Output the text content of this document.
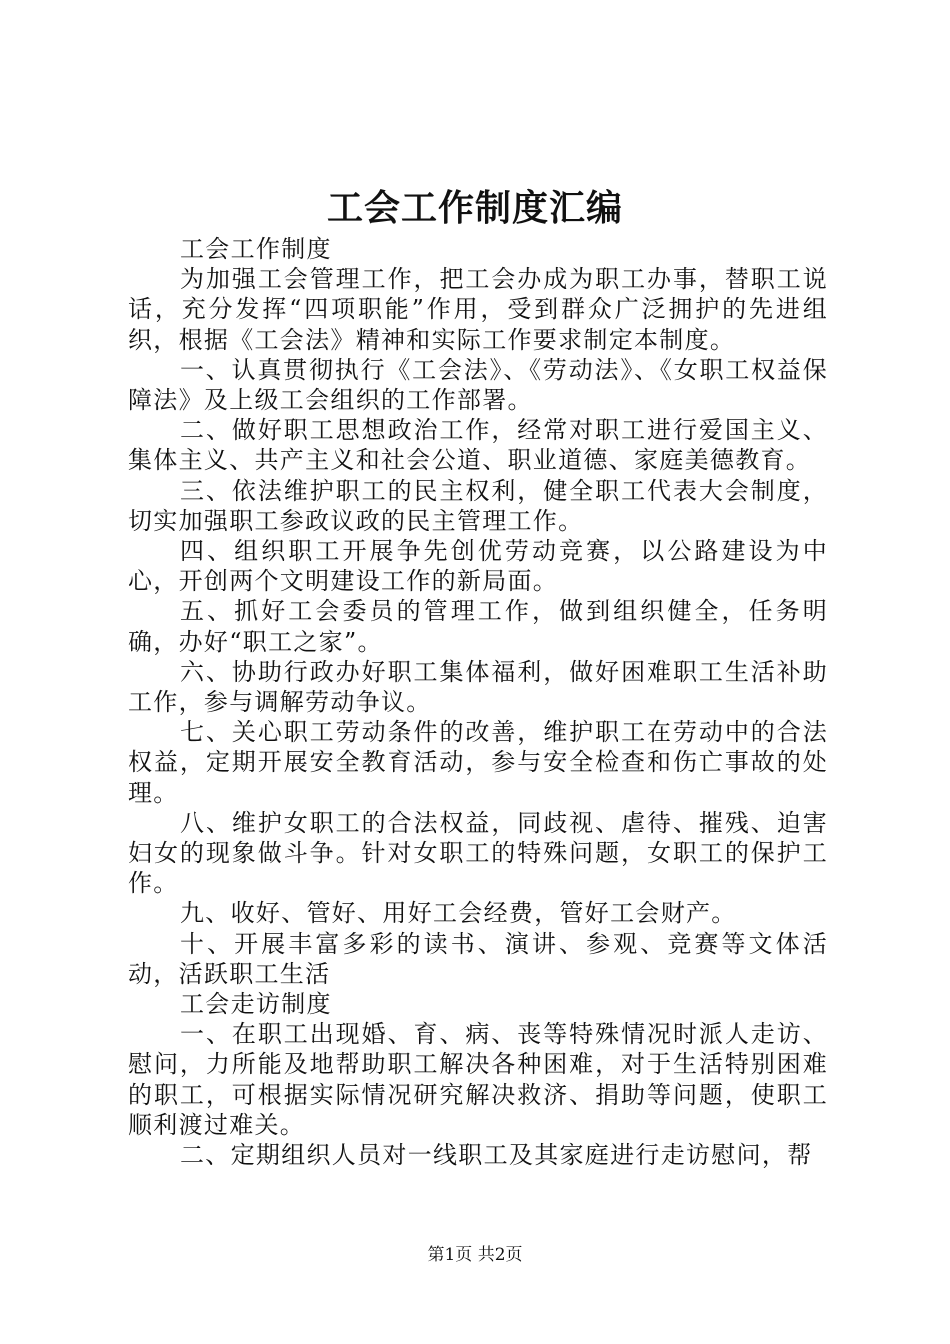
工会工作制度汇编

工会工作制度

为加强工会管理工作，把工会办成为职工办事，替职工说话，充分发挥“四项职能”作用，受到群众广泛拥护的先进组织，根据《工会法》精神和实际工作要求制定本制度。

一、认真贯彻执行《工会法》、《劳动法》、《女职工权益保障法》及上级工会组织的工作部署。

二、做好职工思想政治工作，经常对职工进行爱国主义、集体主义、共产主义和社会公道、职业道德、家庭美德教育。

三、依法维护职工的民主权利，健全职工代表大会制度，切实加强职工参政议政的民主管理工作。

四、组织职工开展争先创优劳动竞赛，以公路建设为中心，开创两个文明建设工作的新局面。

五、抓好工会委员的管理工作，做到组织健全，任务明确，办好“职工之家”。

六、协助行政办好职工集体福利，做好困难职工生活补助工作，参与调解劳动争议。

七、关心职工劳动条件的改善，维护职工在劳动中的合法权益，定期开展安全教育活动，参与安全检查和伤亡事故的处理。

八、维护女职工的合法权益，同歧视、虐待、摧残、迫害妇女的现象做斗争。针对女职工的特殊问题，女职工的保护工作。

九、收好、管好、用好工会经费，管好工会财产。

十、开展丰富多彩的读书、演讲、参观、竞赛等文体活动，活跃职工生活

工会走访制度

一、在职工出现婚、育、病、丧等特殊情况时派人走访、慰问，力所能及地帮助职工解决各种困难，对于生活特别困难的职工，可根据实际情况研究解决救济、捐助等问题，使职工顺利渡过难关。

二、定期组织人员对一线职工及其家庭进行走访慰问，帮

第1页 共2页
